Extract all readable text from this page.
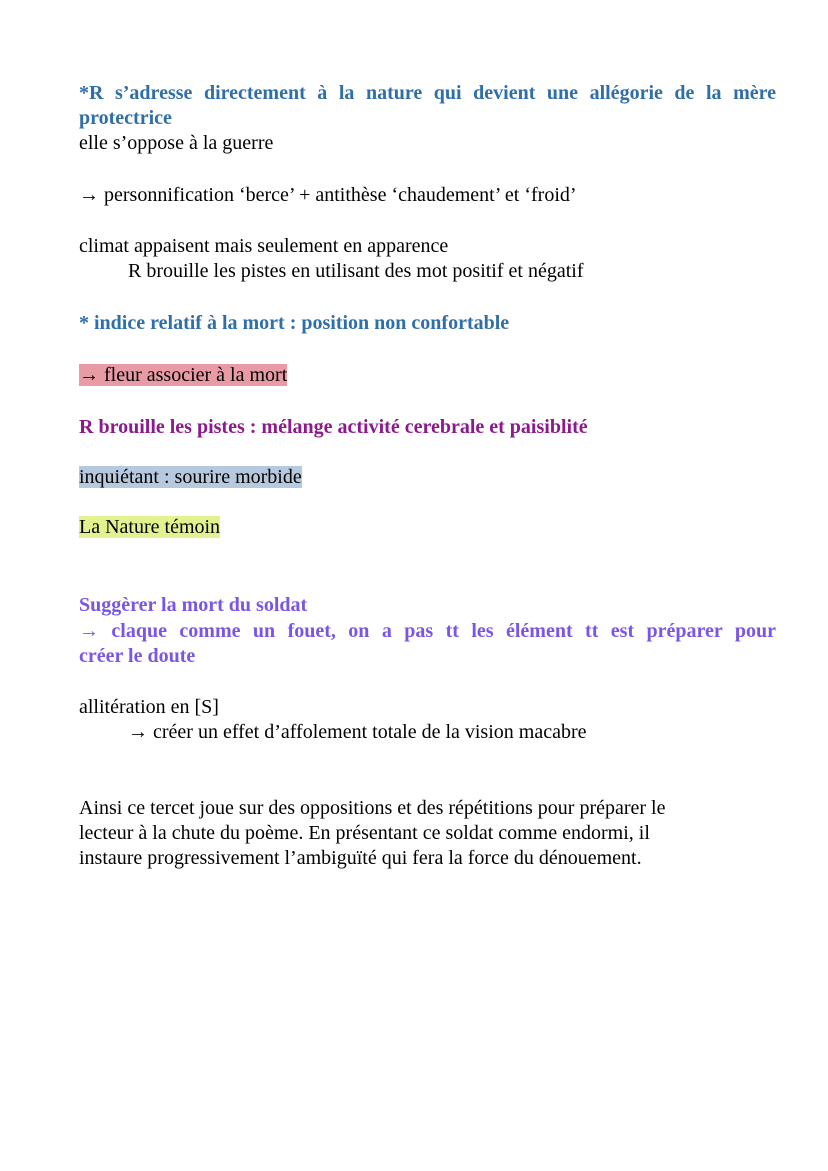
*R s’adresse directement à la nature qui devient une allégorie de la mère
protectrice
elle s’oppose à la guerre
→ personnification ‘berce’ + antithèse ‘chaudement’ et ‘froid’
climat appaisent mais seulement en apparence
R brouille les pistes en utilisant des mot positif et négatif
* indice relatif à la mort : position non confortable
→ fleur associer à la mort
R brouille les pistes : mélange activité cerebrale et paisiblité
inquiétant : sourire morbide
La Nature témoin
Suggèrer la mort du soldat
→ claque comme un fouet, on a pas tt les élément tt est préparer pour
créer le doute
allitération en [S]
→ créer un effet d’affolement totale de la vision macabre
Ainsi ce tercet joue sur des oppositions et des répétitions pour préparer le
lecteur à la chute du poème. En présentant ce soldat comme endormi, il
instaure progressivement l’ambiguïté qui fera la force du dénouement.
